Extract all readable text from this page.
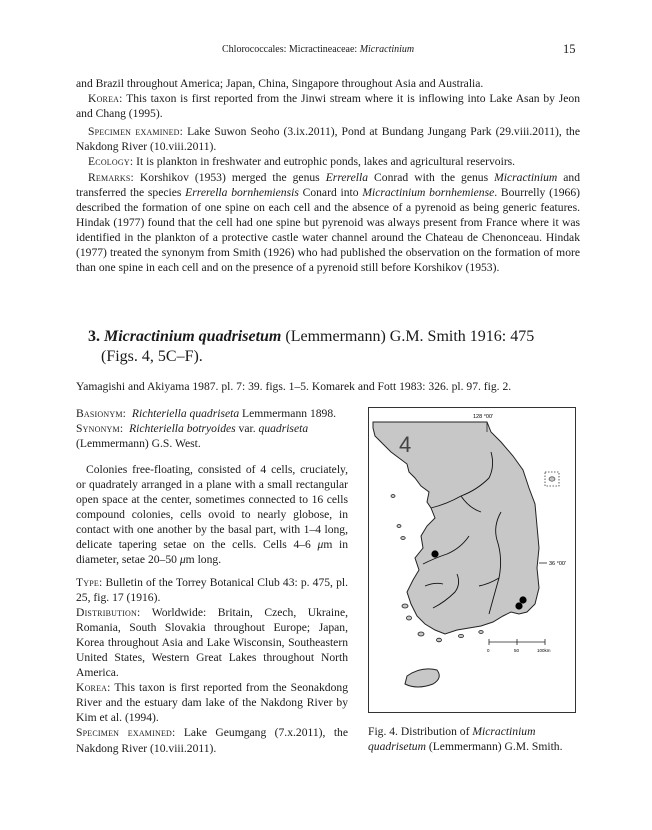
Chlorococcales: Micractineaceae: Micractinium	15

and Brazil throughout America; Japan, China, Singapore throughout Asia and Australia.

Korea: This taxon is first reported from the Jinwi stream where it is inflowing into Lake Asan by Jeon and Chang (1995).

Specimen examined: Lake Suwon Seoho (3.ix.2011), Pond at Bundang Jungang Park (29.viii.2011), the Nakdong River (10.viii.2011).

Ecology: It is plankton in freshwater and eutrophic ponds, lakes and agricultural reservoirs.

Remarks: Korshikov (1953) merged the genus Errerella Conrad with the genus Micractinium and transferred the species Errerella bornhemiensis Conard into Micractinium bornhemiense. Bourrelly (1966) described the formation of one spine on each cell and the absence of a pyrenoid as being generic features. Hindak (1977) found that the cell had one spine but pyrenoid was always present from France where it was identified in the plankton of a protective castle water channel around the Chateau de Chenonceau. Hindak (1977) treated the synonym from Smith (1926) who had published the observation on the formation of more than one spine in each cell and on the presence of a pyrenoid still before Korshikov (1953).

3. Micractinium quadrisetum (Lemmermann) G.M. Smith 1916: 475
(Figs. 4, 5C–F).
Yamagishi and Akiyama 1987. pl. 7: 39. figs. 1–5. Komarek and Fott 1983: 326. pl. 97. fig. 2.

Basionym: Richteriella quadriseta Lemmermann 1898.

Synonym: Richteriella botryoides var. quadriseta (Lemmermann) G.S. West.

Colonies free-floating, consisted of 4 cells, cruciately, or quadrately arranged in a plane with a small rectangular open space at the center, sometimes connected to 16 cells compound colonies, cells ovoid to nearly globose, in contact with one another by the basal part, with 1–4 long, delicate tapering setae on the cells. Cells 4–6 μm in diameter, setae 20–50 μm long.

Type: Bulletin of the Torrey Botanical Club 43: p. 475, pl. 25, fig. 17 (1916).

Distribution: Worldwide: Britain, Czech, Ukraine, Romania, South Slovakia throughout Europe; Japan, Korea throughout Asia and Lake Wisconsin, Southeastern United States, Western Great Lakes throughout North America.

Korea: This taxon is first reported from the Seonakdong River and the estuary dam lake of the Nakdong River by Kim et al. (1994).

Specimen examined: Lake Geumgang (7.x.2011), the Nakdong River (10.viii.2011).

128 °00'
36 °00'
4
0	50	100km
Fig. 4. Distribution of Micractinium quadrisetum (Lemmermann) G.M. Smith.
